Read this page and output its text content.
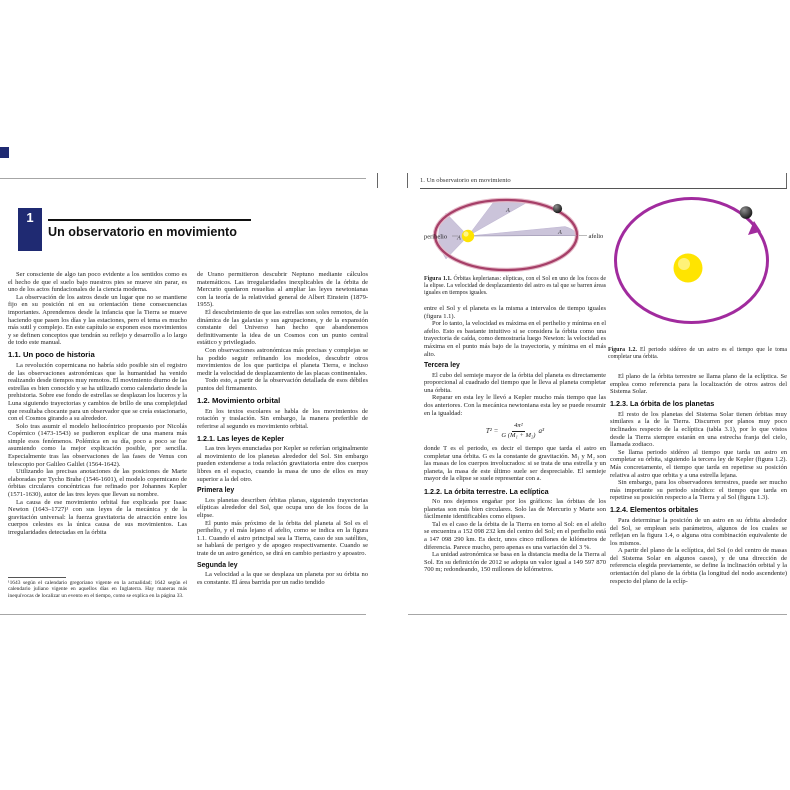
1
Un observatorio en movimiento

Ser consciente de algo tan poco evidente a los sentidos como es el hecho de que el suelo bajo nuestros pies se mueve sin parar, es uno de los actos fundacionales de la ciencia moderna.

La observación de los astros desde un lugar que no se mantiene fijo en su posición ni en su orientación tiene consecuencias importantes. Aprendemos desde la infancia que la Tierra se mueve haciendo que pasen los días y las estaciones, pero el tema es mucho más sutil y complejo. En este capítulo se exponen esos movimientos y se definen conceptos que tendrán su reflejo y desarrollo a lo largo de todo este manual.

1.1. Un poco de historia

La revolución copernicana no habría sido posible sin el registro de las observaciones astronómicas que la humanidad ha venido realizando desde tiempos muy remotos. El movimiento diurno de las estrellas es bien conocido y se ha utilizado como calendario desde la prehistoria. Sobre ese fondo de estrellas se desplazan los luceros y la Luna siguiendo trayectorias y cambios de brillo de una complejidad que resultaba chocante para un observador que se creía estacionario, con el Cosmos girando a su alrededor.

Solo tras asumir el modelo heliocéntrico propuesto por Nicolás Copérnico (1473-1543) se pudieron explicar de una manera más simple esos fenómenos. Polémica en su día, poco a poco se fue asumiendo como la mejor explicación posible, por sencilla. Especialmente tras las observaciones de las fases de Venus con telescopio por Galileo Galilei (1564-1642).

Utilizando las precisas anotaciones de las posiciones de Marte elaboradas por Tycho Brahe (1546-1601), el modelo copernicano de órbitas circulares concéntricas fue refinado por Johannes Kepler (1571-1630), autor de las tres leyes que llevan su nombre.

La causa de ese movimiento orbital fue explicada por Isaac Newton (1643–1727)¹ con sus leyes de la mecánica y de la gravitación universal: la fuerza gravitatoria de atracción entre los cuerpos celestes es la única causa de sus movimientos. Las irregularidades detectadas en la órbita

¹1643 según el calendario gregoriano vigente en la actualidad; 1642 según el calendario juliano vigente en aquellos días en Inglaterra. Hay maneras más inequívocas de localizar un evento en el tiempo, como se explica en la página 33.

de Urano permitieron descubrir Neptuno mediante cálculos matemáticos. Las irregularidades inexplicables de la órbita de Mercurio quedaron resueltas al ampliar las leyes newtonianas con la teoría de la relatividad general de Albert Einstein (1879-1955).

El descubrimiento de que las estrellas son soles remotos, de la dinámica de las galaxias y sus agrupaciones, y de la expansión constante del Universo han hecho que abandonemos definitivamente la idea de un Cosmos con un punto central estático y privilegiado.

Con observaciones astronómicas más precisas y complejas se ha podido seguir refinando los modelos, descubrir otros movimientos de los que participa el planeta Tierra, e incluso medir la velocidad de desplazamiento de las placas continentales.

Todo esto, a partir de la observación detallada de esos débiles puntos del firmamento.

1.2. Movimiento orbital

En los textos escolares se habla de los movimientos de rotación y traslación. Sin embargo, la manera preferible de referirse al segundo es movimiento orbital.

1.2.1. Las leyes de Kepler

Las tres leyes enunciadas por Kepler se referían originalmente al movimiento de los planetas alrededor del Sol. Sin embargo pueden extenderse a toda relación gravitatoria entre dos cuerpos libres en el espacio, cuando la masa de uno de ellos es muy superior a la del otro.

Primera ley

Los planetas describen órbitas planas, siguiendo trayectorias elípticas alrededor del Sol, que ocupa uno de los focos de la elipse.

El punto más próximo de la órbita del planeta al Sol es el perihelio, y el más lejano el afelio, como se indica en la figura 1.1. Cuando el astro principal sea la Tierra, caso de sus satélites, se hablará de perigeo y de apogeo respectivamente. Cuando se trate de un astro genérico, se dirá en cambio periastro y apoastro.

Segunda ley

La velocidad a la que se desplaza un planeta por su órbita no es constante. El área barrida por un radio tendido

1. Un observatorio en movimiento
perihelio	afelio
A
A
A
Figura 1.1. Órbitas keplerianas: elípticas, con el Sol en uno de los focos de la elipse. La velocidad de desplazamiento del astro es tal que se barren áreas iguales en tiempos iguales.
Figura 1.2. El periodo sidéreo de un astro es el tiempo que le toma completar una órbita.

entre el Sol y el planeta es la misma a intervalos de tiempo iguales (figura 1.1).

Por lo tanto, la velocidad es máxima en el perihelio y mínima en el afelio. Esto es bastante intuitivo si se considera la órbita como una trayectoria de caída, como demostraría luego Newton: la velocidad es máxima en el punto más bajo de la trayectoria, y mínima en el más alto.

Tercera ley

El cubo del semieje mayor de la órbita del planeta es directamente proporcional al cuadrado del tiempo que le lleva al planeta completar una órbita.

Reparar en esta ley le llevó a Kepler mucho más tiempo que las dos anteriores. Con la mecánica newtoniana esta ley se puede resumir en la igualdad:

$T^2 = \frac{\text{4π²}}{\text{G (M₁ + M₂)}} a^3$

donde T es el periodo, es decir el tiempo que tarda el astro en completar una órbita. G es la constante de gravitación. M₁ y M₂ son las masas de los cuerpos involucrados: si se trata de una estrella y un planeta, la masa de este último suele ser despreciable. El semieje mayor de la elipse se suele representar con a.

1.2.2. La órbita terrestre. La eclíptica

No nos dejemos engañar por los gráficos: las órbitas de los planetas son más bien circulares. Solo las de Mercurio y Marte son fácilmente identificables como elipses.

Tal es el caso de la órbita de la Tierra en torno al Sol: en el afelio se encuentra a 152 098 232 km del centro del Sol; en el perihelio está a 147 098 290 km. Es decir, unos cinco millones de kilómetros de diferencia. Parece mucho, pero apenas es una variación del 3 %.

La unidad astronómica se basa en la distancia media de la Tierra al Sol. En su definición de 2012 se adopta un valor igual a 149 597 870 700 m; redondeando, 150 millones de kilómetros.

El plano de la órbita terrestre se llama plano de la eclíptica. Se emplea como referencia para la localización de otros astros del Sistema Solar.

1.2.3. La órbita de los planetas

El resto de los planetas del Sistema Solar tienen órbitas muy similares a la de la Tierra. Discurren por planos muy poco inclinados respecto de la eclíptica (tabla 3.1), por lo que vistos desde la Tierra siempre estarán en una estrecha franja del cielo, llamada zodiaco.

Se llama periodo sidéreo al tiempo que tarda un astro en completar su órbita, siguiendo la tercera ley de Kepler (figura 1.2). Más concretamente, el tiempo que tarda en repetirse su posición relativa al astro que orbita y a una estrella lejana.

Sin embargo, para los observadores terrestres, puede ser mucho más importante su periodo sinódico: el tiempo que tarda en repetirse su posición respecto a la Tierra y al Sol (figura 1.3).

1.2.4. Elementos orbitales

Para determinar la posición de un astro en su órbita alrededor del Sol, se emplean seis parámetros, algunos de los cuales se reflejan en la figura 1.4, o alguna otra combinación equivalente de los mismos.

A partir del plano de la eclíptica, del Sol (o del centro de masas del Sistema Solar en algunos casos), y de una dirección de referencia elegida previamente, se define la inclinación orbital y la orientación del plano de la órbita (la longitud del nodo ascendente) respecto del plano de la eclíp-
